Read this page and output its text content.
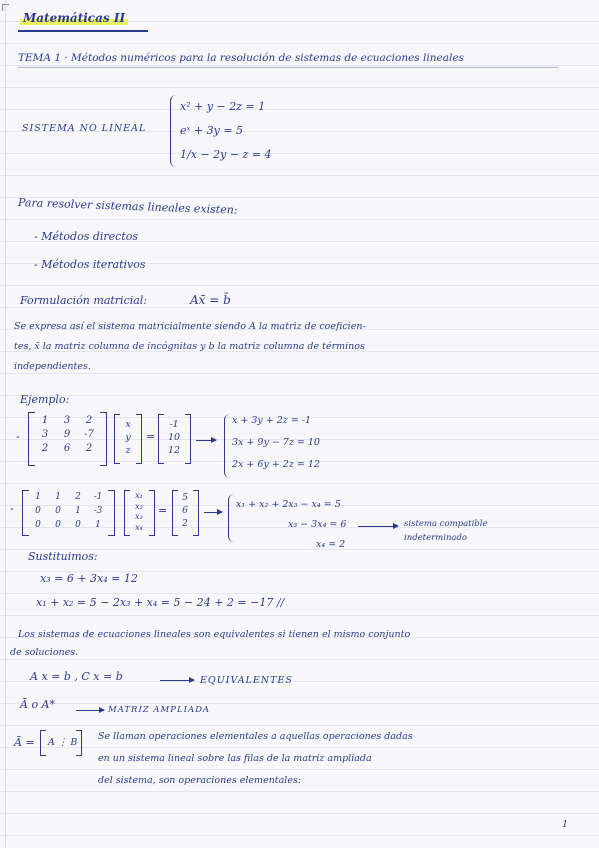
Matemáticas II
TEMA 1 · Métodos numéricos para la resolución de sistemas de ecuaciones lineales
SISTEMA NO LINEAL
x² + y − 2z = 1
eˣ + 3y = 5
1/x − 2y − z = 4
Para resolver sistemas lineales existen:
- Métodos directos
- Métodos iterativos
Formulación matricial:	Ax̄ = b̄
Se expresa así el sistema matricialmente siendo A la matriz de coeficien-
tes, x̄ la matriz columna de incógnitas y b la matriz columna de términos
independientes.
Ejemplo:
-
1	3	2
3	9	-7
2	6	2
x
y
z
=
-1
10
12
x + 3y + 2z = -1
3x + 9y − 7z = 10
2x + 6y + 2z = 12
-
1	1	2	-1
0	0	1	-3
0	0	0	1
x₁
x₂
x₃
x₄
=
5
6
2
x₁ + x₂ + 2x₃ − x₄ = 5
x₃ − 3x₄ = 6
x₄ = 2
sistema compatible
indeterminado
Sustituimos:
x₃ = 6 + 3x₄ = 12
x₁ + x₂ = 5 − 2x₃ + x₄ = 5 − 24 + 2 = −17 //
Los sistemas de ecuaciones lineales son equivalentes si tienen el mismo conjunto
de soluciones.
A x = b , C x = b	EQUIVALENTES
Ā o A*	MATRIZ AMPLIADA
Ā = A ⋮ B
Se llaman operaciones elementales a aquellas operaciones dadas
en un sistema lineal sobre las filas de la matriz ampliada
del sistema, son operaciones elementales:
1
